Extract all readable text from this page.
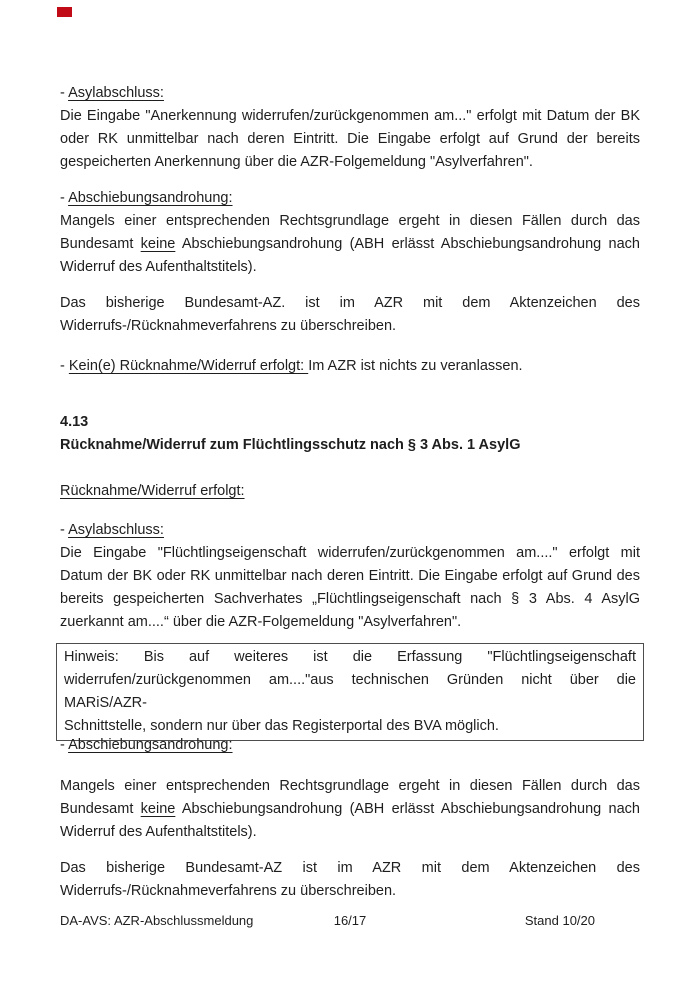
- Asylabschluss:
Die Eingabe "Anerkennung widerrufen/zurückgenommen am..." erfolgt mit Datum der BK
oder RK unmittelbar nach deren Eintritt. Die Eingabe erfolgt auf Grund der bereits
gespeicherten Anerkennung über die AZR-Folgemeldung "Asylverfahren".
- Abschiebungsandrohung:
Mangels einer entsprechenden Rechtsgrundlage ergeht in diesen Fällen durch das
Bundesamt keine Abschiebungsandrohung (ABH erlässt Abschiebungsandrohung nach
Widerruf des Aufenthaltstitels).
Das bisherige Bundesamt-AZ. ist im AZR mit dem Aktenzeichen des
Widerrufs-/Rücknahmeverfahrens zu überschreiben.
- Kein(e) Rücknahme/Widerruf erfolgt: Im AZR ist nichts zu veranlassen.
4.13
Rücknahme/Widerruf zum Flüchtlingsschutz nach § 3 Abs. 1 AsylG
Rücknahme/Widerruf erfolgt:
- Asylabschluss:
Die Eingabe "Flüchtlingseigenschaft widerrufen/zurückgenommen am...." erfolgt mit
Datum der BK oder RK unmittelbar nach deren Eintritt. Die Eingabe erfolgt auf Grund des
bereits gespeicherten Sachverhates „Flüchtlingseigenschaft nach § 3 Abs. 4 AsylG
zuerkannt am....“ über die AZR-Folgemeldung "Asylverfahren".
Hinweis: Bis auf weiteres ist die Erfassung "Flüchtlingseigenschaft
widerrufen/zurückgenommen am...."aus technischen Gründen nicht über die MARiS/AZR-
Schnittstelle, sondern nur über das Registerportal des BVA möglich.
- Abschiebungsandrohung:
Mangels einer entsprechenden Rechtsgrundlage ergeht in diesen Fällen durch das
Bundesamt keine Abschiebungsandrohung (ABH erlässt Abschiebungsandrohung nach
Widerruf des Aufenthaltstitels).
Das bisherige Bundesamt-AZ ist im AZR mit dem Aktenzeichen des
Widerrufs-/Rücknahmeverfahrens zu überschreiben.
DA-AVS: AZR-Abschlussmeldung	16/17	Stand 10/20
